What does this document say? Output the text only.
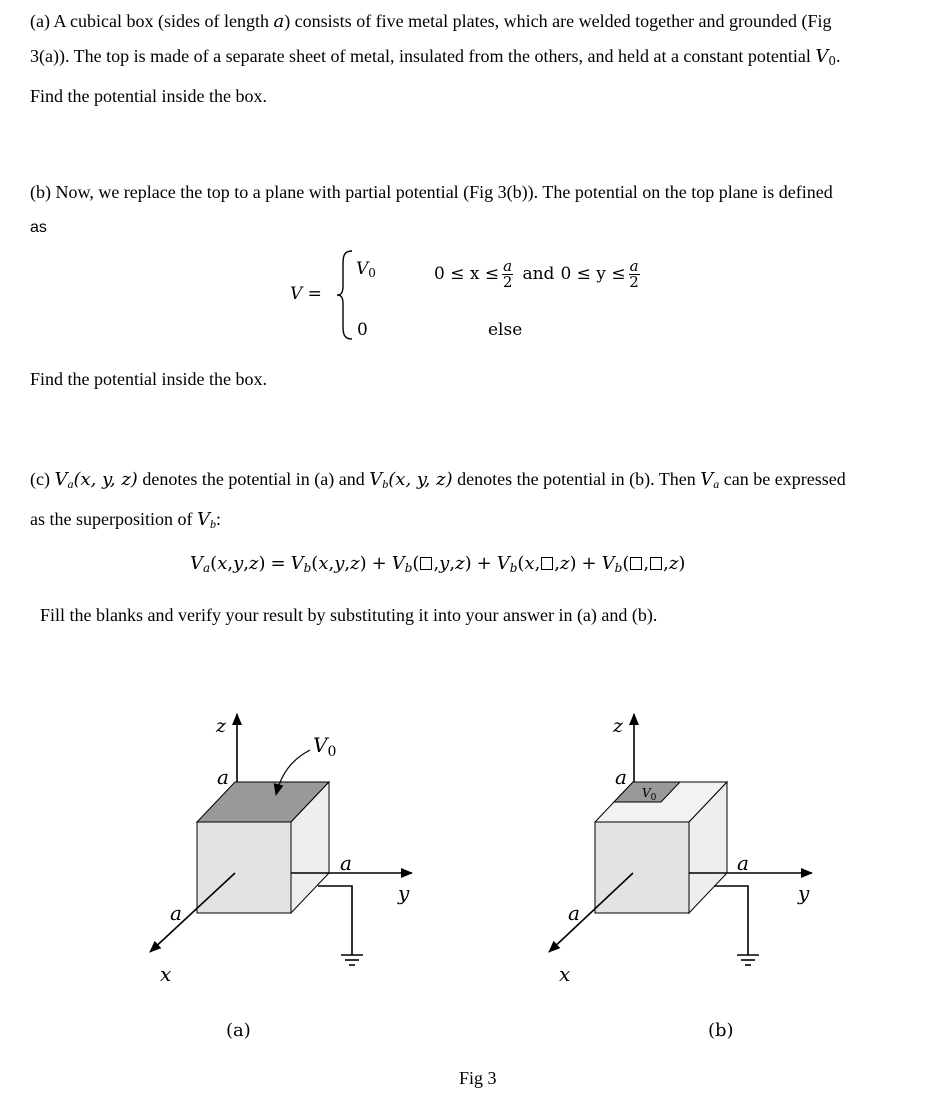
(a) A cubical box (sides of length a) consists of five metal plates, which are welded together and grounded (Fig
3(a)). The top is made of a separate sheet of metal, insulated from the others, and held at a constant potential $V_0$.
Find the potential inside the box.
(b) Now, we replace the top to a plane with partial potential (Fig 3(b)). The potential on the top plane is defined
as
V =
$V_0$	$0 \le x \le \frac{a}{2}$ and $0 \le y \le \frac{a}{2}$
0	else
Find the potential inside the box.
(c) $V_a(x$, y, z) denotes the potential in (a) and $V_b(x$, y, z) denotes the potential in (b). Then $V_a$ can be expressed
as the superposition of $V_b$:
$V_a(x,y,z) = V_b(x,y,z) + V_b$( $,y,z) + V_b(x$, $,z) + V_b$( , ,z)
Fill the blanks and verify your result by substituting it into your answer in (a) and (b).
z
a
$V_0$
a
y
a
x
(a)
z
a
$V_0$
a
y
a
x
(b)
Fig 3
